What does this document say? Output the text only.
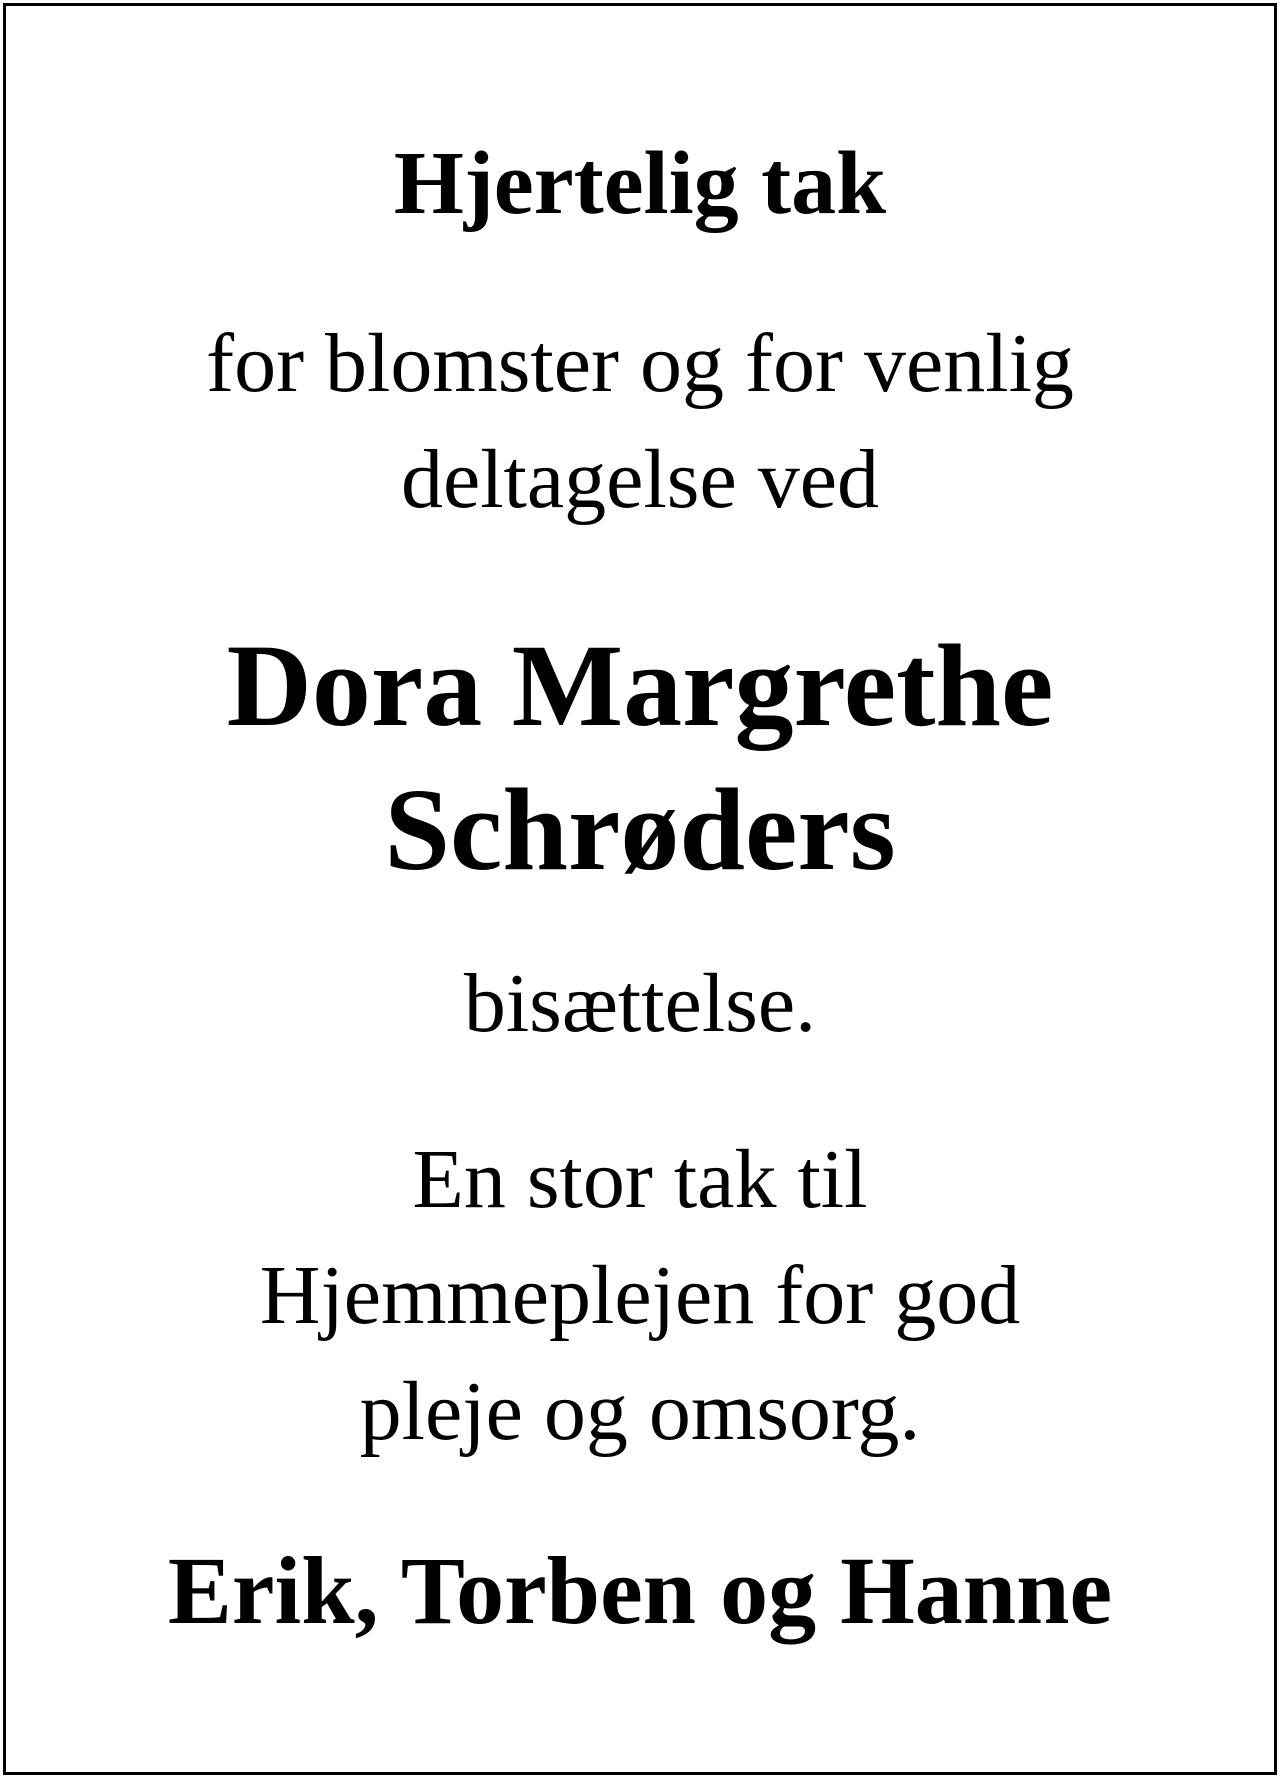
Hjertelig tak
for blomster og for venlig
deltagelse ved
Dora Margrethe
Schrøders
bisættelse.
En stor tak til
Hjemmeplejen for god
pleje og omsorg.
Erik, Torben og Hanne
